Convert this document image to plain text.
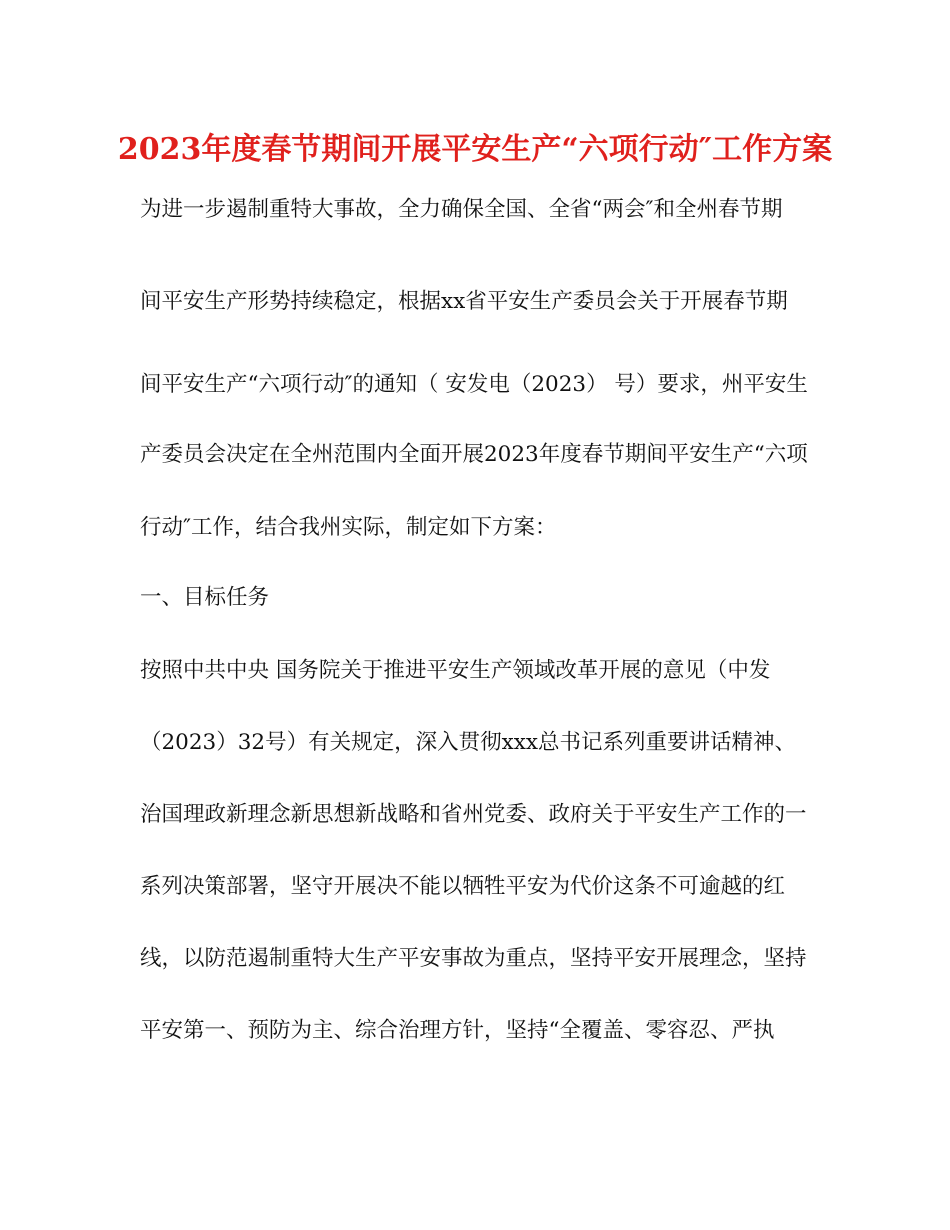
2023年度春节期间开展平安生产“六项行动″工作方案
为进一步遏制重特大事故，全力确保全国、全省“两会″和全州春节期
间平安生产形势持续稳定，根据xx省平安生产委员会关于开展春节期
间平安生产“六项行动″的通知（ 安发电（2023） 号）要求，州平安生
产委员会决定在全州范围内全面开展2023年度春节期间平安生产“六项
行动″工作，结合我州实际，制定如下方案：
一、目标任务
按照中共中央 国务院关于推进平安生产领域改革开展的意见（中发
（2023）32号）有关规定，深入贯彻xxx总书记系列重要讲话精神、
治国理政新理念新思想新战略和省州党委、政府关于平安生产工作的一
系列决策部署，坚守开展决不能以牺牲平安为代价这条不可逾越的红
线，以防范遏制重特大生产平安事故为重点，坚持平安开展理念，坚持
平安第一、预防为主、综合治理方针，坚持“全覆盖、零容忍、严执
